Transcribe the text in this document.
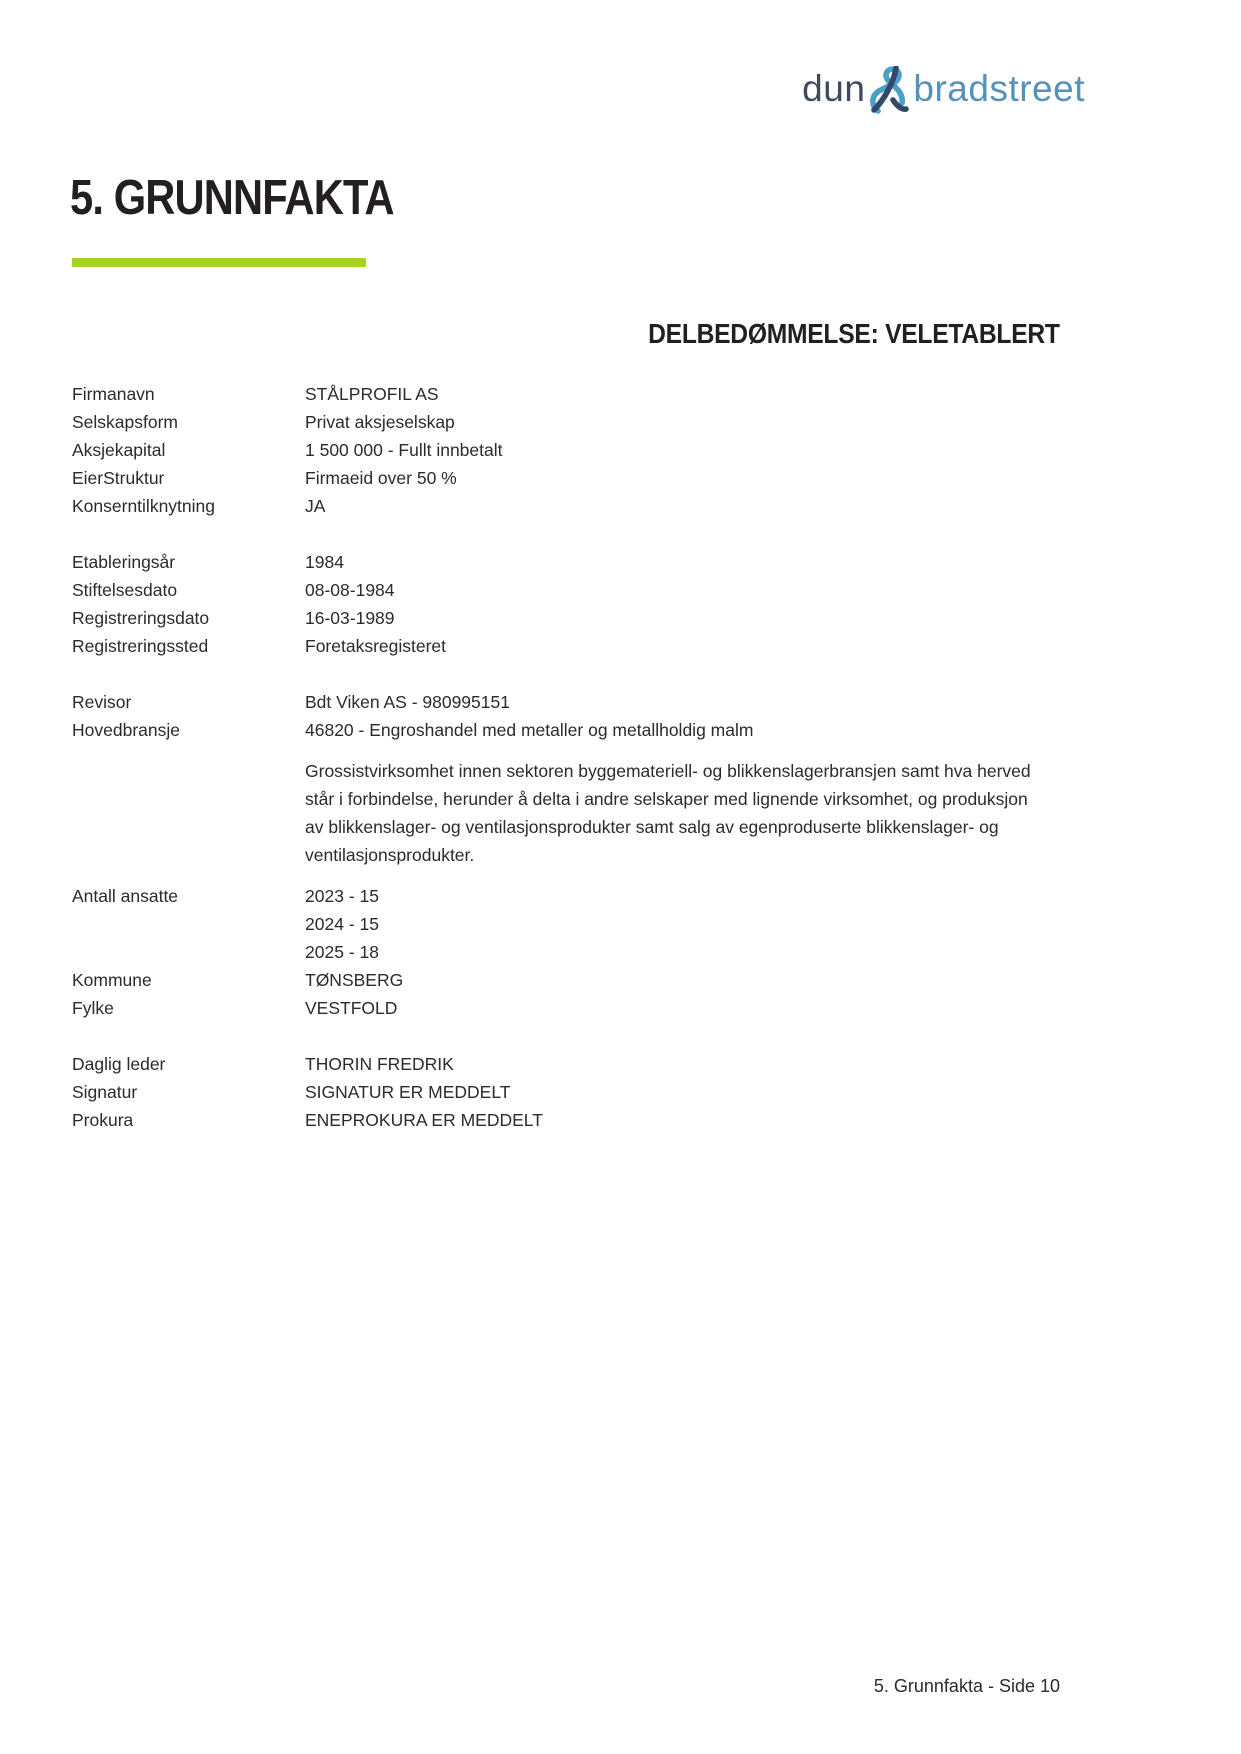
dun bradstreet
5. GRUNNFAKTA
DELBEDØMMELSE: VELETABLERT
Firmanavn	STÅLPROFIL AS
Selskapsform	Privat aksjeselskap
Aksjekapital	1 500 000 - Fullt innbetalt
EierStruktur	Firmaeid over 50 %
Konserntilknytning	JA
Etableringsår	1984
Stiftelsesdato	08-08-1984
Registreringsdato	16-03-1989
Registreringssted	Foretaksregisteret
Revisor	Bdt Viken AS - 980995151
Hovedbransje	46820 - Engroshandel med metaller og metallholdig malm
Grossistvirksomhet innen sektoren byggemateriell- og blikkenslagerbransjen samt hva herved står i forbindelse, herunder å delta i andre selskaper med lignende virksomhet, og produksjon av blikkenslager- og ventilasjonsprodukter samt salg av egenproduserte blikkenslager- og ventilasjonsprodukter.
Antall ansatte	2023 - 15
2024 - 15
2025 - 18
Kommune	TØNSBERG
Fylke	VESTFOLD
Daglig leder	THORIN FREDRIK
Signatur	SIGNATUR ER MEDDELT
Prokura	ENEPROKURA ER MEDDELT
5. Grunnfakta - Side 10
